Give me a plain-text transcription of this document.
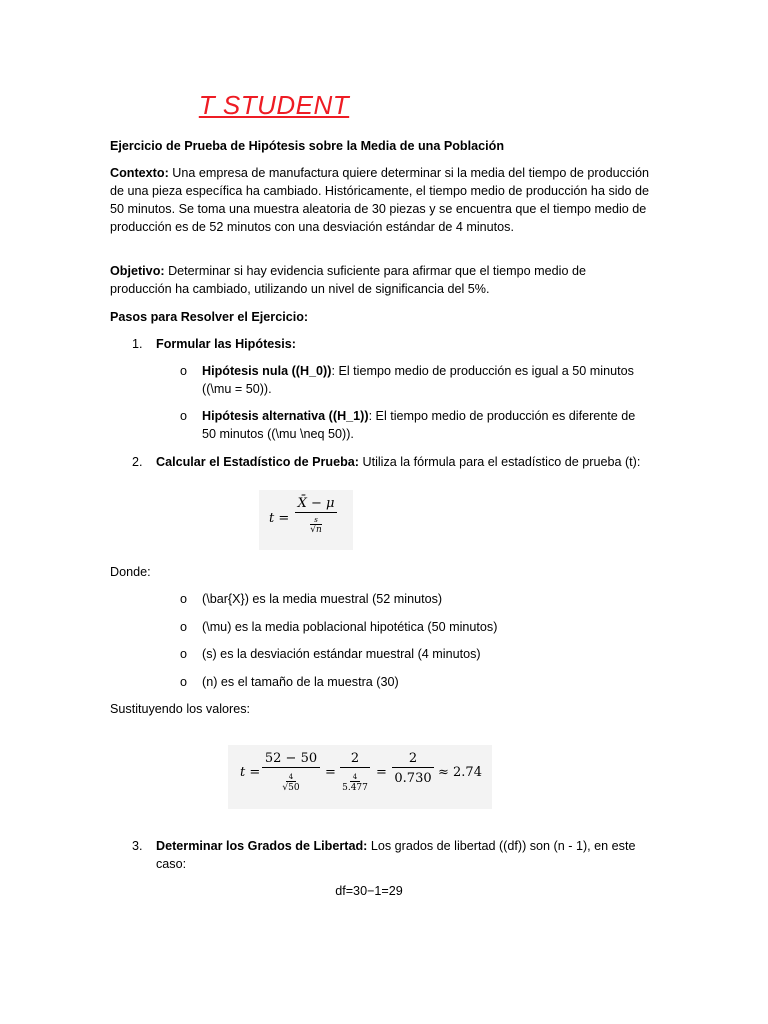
T STUDENT

Ejercicio de Prueba de Hipótesis sobre la Media de una Población

Contexto: Una empresa de manufactura quiere determinar si la media del tiempo de producción de una pieza específica ha cambiado. Históricamente, el tiempo medio de producción ha sido de 50 minutos. Se toma una muestra aleatoria de 30 piezas y se encuentra que el tiempo medio de producción es de 52 minutos con una desviación estándar de 4 minutos.

Objetivo: Determinar si hay evidencia suficiente para afirmar que el tiempo medio de producción ha cambiado, utilizando un nivel de significancia del 5%.

Pasos para Resolver el Ejercicio:

1.	Formular las Hipótesis:
o	Hipótesis nula ((H_0)): El tiempo medio de producción es igual a 50 minutos ((\mu = 50)).

o	Hipótesis alternativa ((H_1)): El tiempo medio de producción es diferente de 50 minutos ((\mu \neq 50)).

2.	Calcular el Estadístico de Prueba: Utiliza la fórmula para el estadístico de prueba (t):

t =
X̄ − μ
s
√n

Donde:

o	(\bar{X}) es la media muestral (52 minutos)
o	(\mu) es la media poblacional hipotética (50 minutos)
o	(s) es la desviación estándar muestral (4 minutos)
o	(n) es el tamaño de la muestra (30)

Sustituyendo los valores:

t =
52 − 50
4
√50
=
2
4
5.477
=
2
0.730 ≈ 2.74
3.	Determinar los Grados de Libertad: Los grados de libertad ((df)) son (n - 1), en este caso:

df=30−1=29
